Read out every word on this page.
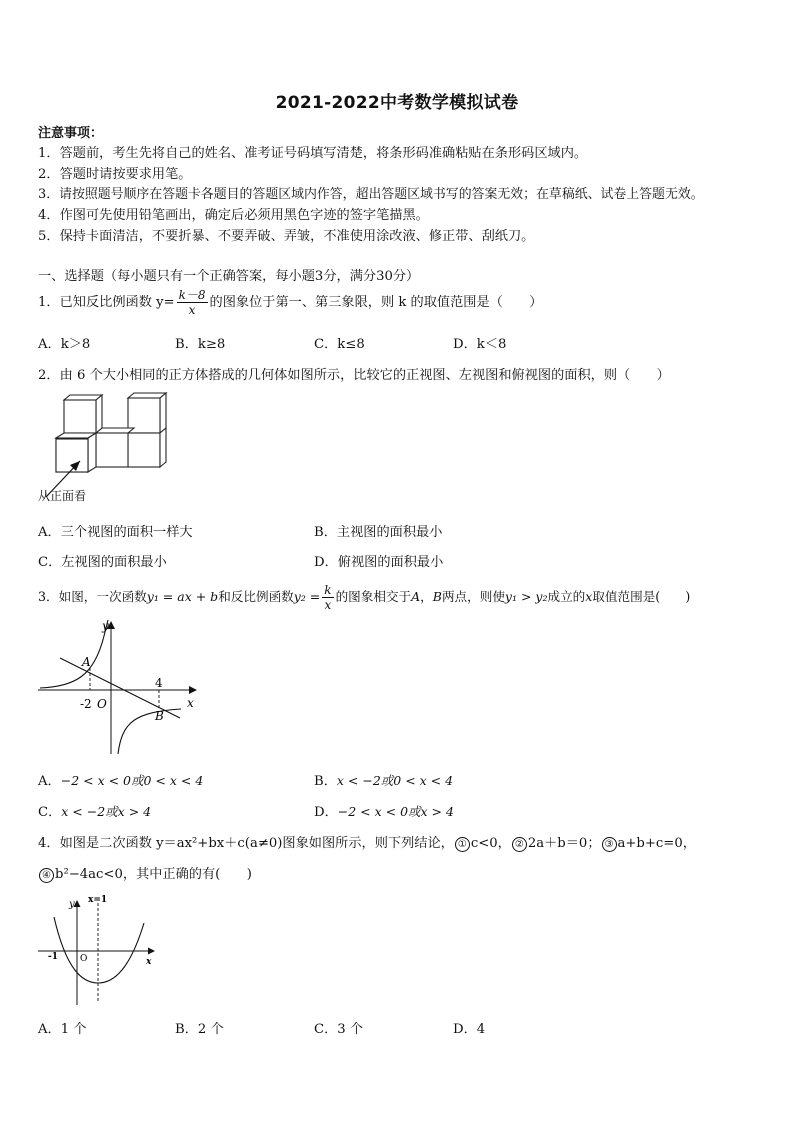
2021-2022中考数学模拟试卷
注意事项：
1．答题前，考生先将自己的姓名、准考证号码填写清楚，将条形码准确粘贴在条形码区域内。
2．答题时请按要求用笔。
3．请按照题号顺序在答题卡各题目的答题区域内作答，超出答题区域书写的答案无效；在草稿纸、试卷上答题无效。
4．作图可先使用铅笔画出，确定后必须用黑色字迹的签字笔描黑。
5．保持卡面清洁，不要折暴、不要弄破、弄皱，不准使用涂改液、修正带、刮纸刀。
一、选择题（每小题只有一个正确答案，每小题3分，满分30分）
1．已知反比例函数 $y= \frac{k-8}{x}$ 的图象位于第一、第三象限，则 k 的取值范围是（　　）
A．k＞8	B．k≥8	C．k≤8	D．k＜8
2．由 6 个大小相同的正方体搭成的几何体如图所示，比较它的正视图、左视图和俯视图的面积，则（　　）
从正面看
A．三个视图的面积一样大	B．主视图的面积最小
C．左视图的面积最小	D．俯视图的面积最小
3．如图，一次函数y₁ = ax + b和反比例函数$y_2 = \frac{k}{x}$ 的图象相交于A，B两点，则使y₁ > y₂成立的x取值范围是(　　)
y
x
A
B
-2 O
4
A．−2 < x < 0或0 < x < 4	B．x < −2或0 < x < 4
C．x < −2或x > 4	D．−2 < x < 0或x > 4
4．如图是二次函数 y＝ax²+bx＋c(a≠0)图象如图所示，则下列结论， ① c<0， ② 2a＋b＝0； ③ a+b+c=0，
④ b²−4ac<0，其中正确的有(　　)
y
x
x=1
-1 O
A．1 个	B．2 个	C．3 个	D．4
